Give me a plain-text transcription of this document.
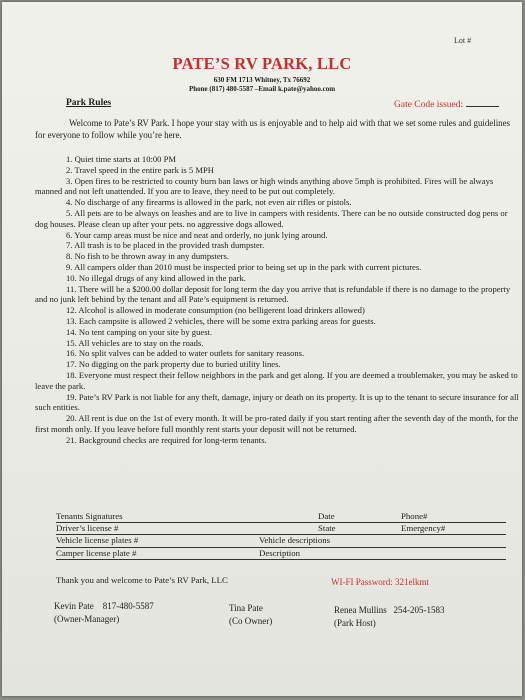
Lot #
PATE’S RV PARK, LLC
630 FM 1713 Whitney, Tx 76692
Phone (817) 480-5587 –Email k.pate@yahoo.com
Park Rules	Gate Code issued:
Welcome to Pate’s RV Park. I hope your stay with us is enjoyable and to help aid with that we set some rules and guidelines for everyone to follow while you’re here.
1. Quiet time starts at 10:00 PM
2. Travel speed in the entire park is 5 MPH
3. Open fires to be restricted to county burn ban laws or high winds anything above 5mph is prohibited. Fires will be always manned and not left unattended. If you are to leave, they need to be put out completely.
4. No discharge of any firearms is allowed in the park, not even air rifles or pistols.
5. All pets are to be always on leashes and are to live in campers with residents. There can be no outside constructed dog pens or dog houses. Please clean up after your pets. no aggressive dogs allowed.
6. Your camp areas must be nice and neat and orderly, no junk lying around.
7. All trash is to be placed in the provided trash dumpster.
8. No fish to be thrown away in any dumpsters.
9. All campers older than 2010 must be inspected prior to being set up in the park with current pictures.
10. No illegal drugs of any kind allowed in the park.
11. There will be a $200.00 dollar deposit for long term the day you arrive that is refundable if there is no damage to the property and no junk left behind by the tenant and all Pate’s equipment is returned.
12. Alcohol is allowed in moderate consumption (no belligerent load drinkers allowed)
13. Each campsite is allowed 2 vehicles, there will be some extra parking areas for guests.
14. No tent camping on your site by guest.
15. All vehicles are to stay on the roads.
16. No split valves can be added to water outlets for sanitary reasons.
17. No digging on the park property due to buried utility lines.
18. Everyone must respect their fellow neighbors in the park and get along. If you are deemed a troublemaker, you may be asked to leave the park.
19. Pate’s RV Park is not liable for any theft, damage, injury or death on its property. It is up to the tenant to secure insurance for all such entities.
20. All rent is due on the 1st of every month. It will be pro-rated daily if you start renting after the seventh day of the month, for the first month only. If you leave before full monthly rent starts your deposit will not be returned.
21. Background checks are required for long-term tenants.
Tenants Signatures	Date	Phone#
Driver’s license #	State	Emergency#
Vehicle license plates #	Vehicle descriptions
Camper license plate #	Description
Thank you and welcome to Pate’s RV Park, LLC	WI-FI Password: 321elkmt
Kevin Pate 817-480-5587
(Owner-Manager)
Tina Pate
(Co Owner)
Renea Mullins 254-205-1583
(Park Host)
